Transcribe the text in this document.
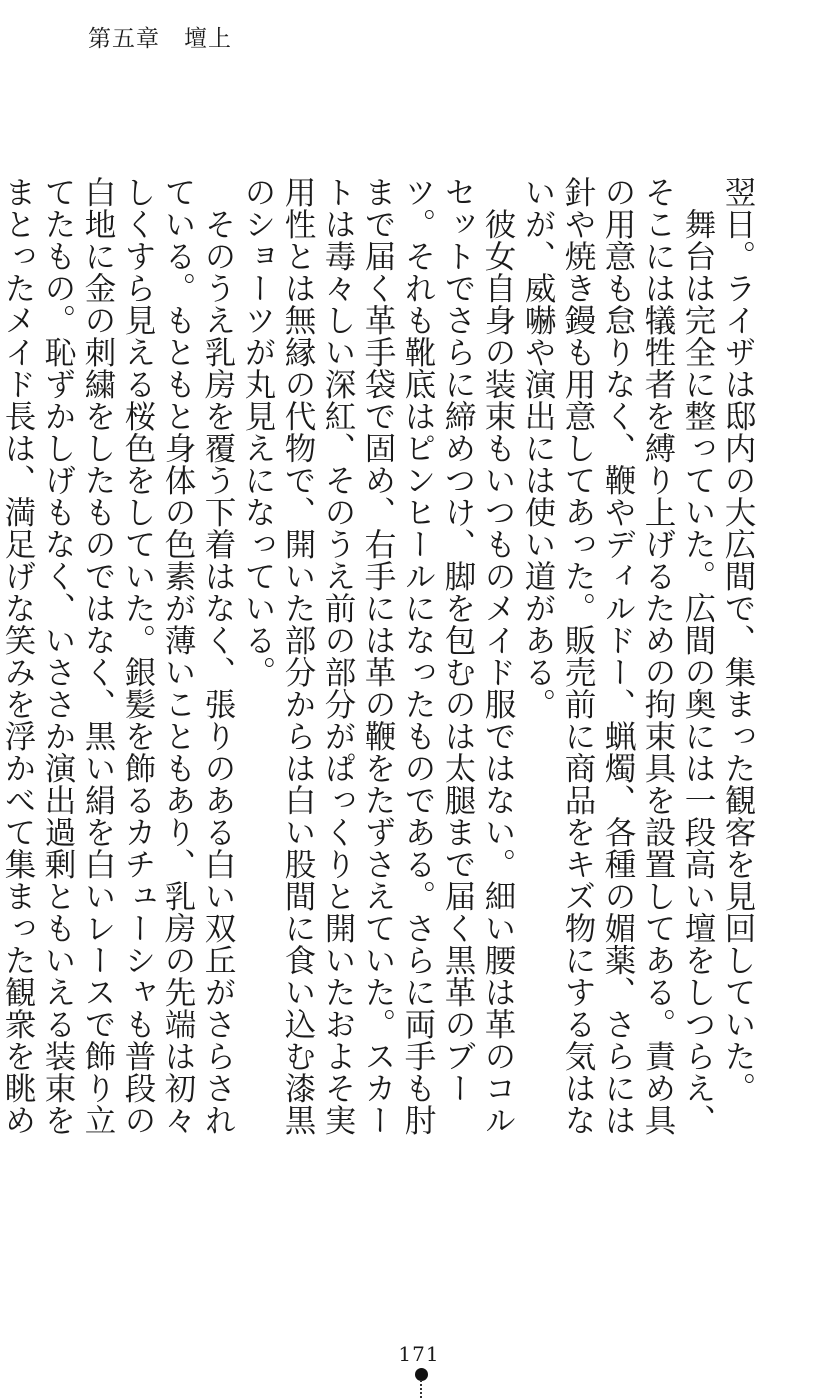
第五章　壇上

翌日。ライザは邸内の大広間で、集まった観客を見回していた。

舞台は完全に整っていた。広間の奥には一段高い壇をしつらえ、そこには犠牲者を縛り上げるための拘束具を設置してある。責め具の用意も怠りなく、鞭やディルドー、蝋燭、各種の媚薬、さらには針や焼き鏝も用意してあった。販売前に商品をキズ物にする気はないが、威嚇や演出には使い道がある。

彼女自身の装束もいつものメイド服ではない。細い腰は革のコルセットでさらに締めつけ、脚を包むのは太腿まで届く黒革のブーツ。それも靴底はピンヒールになったものである。さらに両手も肘まで届く革手袋で固め、右手には革の鞭をたずさえていた。スカートは毒々しい深紅、そのうえ前の部分がぱっくりと開いたおよそ実用性とは無縁の代物で、開いた部分からは白い股間に食い込む漆黒のショーツが丸見えになっている。

そのうえ乳房を覆う下着はなく、張りのある白い双丘がさらされている。もともと身体の色素が薄いこともあり、乳房の先端は初々しくすら見える桜色をしていた。銀髪を飾るカチューシャも普段の白地に金の刺繍をしたものではなく、黒い絹を白いレースで飾り立てたもの。恥ずかしげもなく、いささか演出過剰ともいえる装束をまとったメイド長は、満足げな笑みを浮かべて集まった観衆を眺め

171
